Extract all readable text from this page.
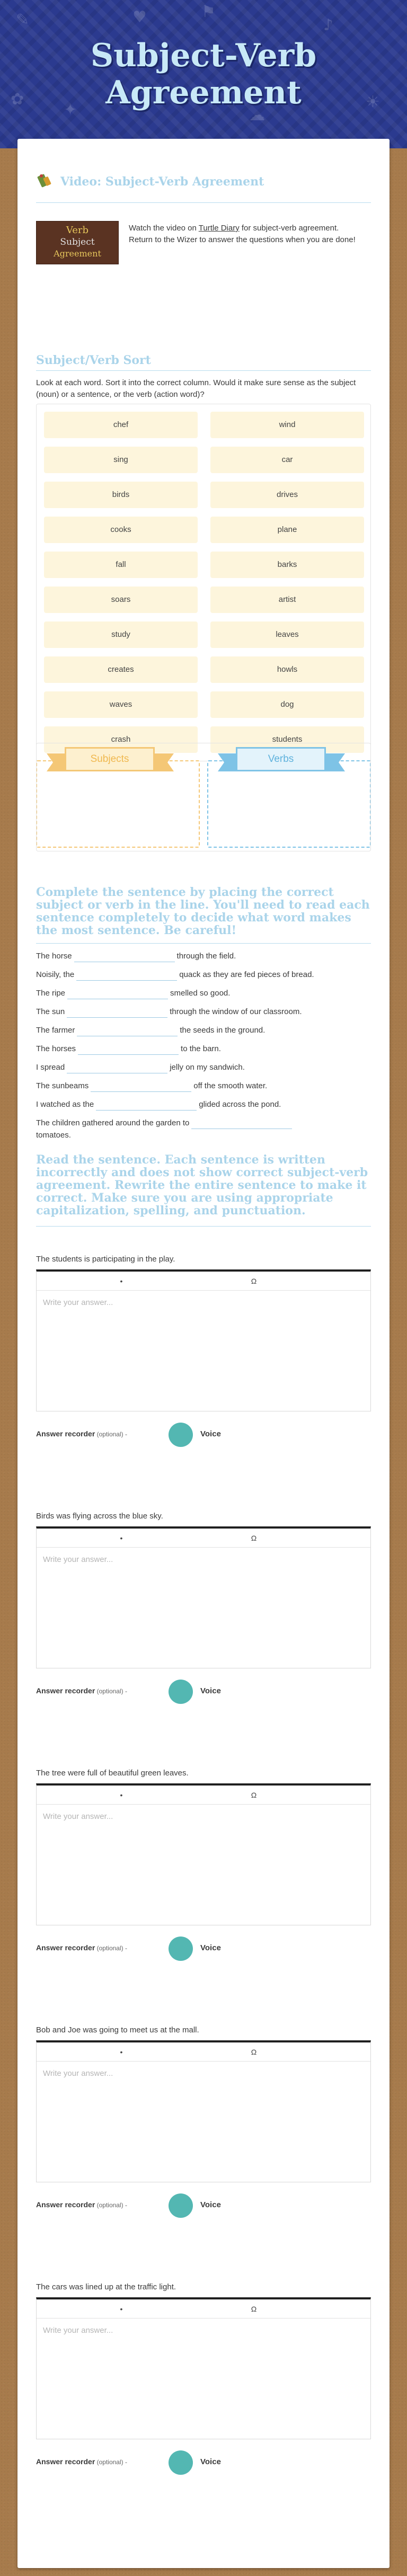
✎
✦
♥	♪
☀
☁
⚑
✿
Subject-Verb
Agreement
Video: Subject-Verb Agreement
Verb
Subject
Agreement
Watch the video on Turtle Diary for subject-verb agreement. Return to the Wizer to answer the questions when you are done!
Subject/Verb Sort
Look at each word. Sort it into the correct column. Would it make sure sense as the subject (noun) or a sentence, or the verb (action word)?
chef	wind
sing	car
birds	drives
cooks	plane
fall	barks
soars	artist
study	leaves
creates	howls
waves	dog
crash	students
Subjects	Verbs
Complete the sentence by placing the correct subject or verb in the line. You'll need to read each sentence completely to decide what word makes the most sentence. Be careful!
Read the sentence. Each sentence is written incorrectly and does not show correct subject-verb agreement. Rewrite the entire sentence to make it correct. Make sure you are using appropriate capitalization, spelling, and punctuation.
The horse	through the field.
Noisily, the	quack as they are fed pieces of bread.
The ripe	smelled so good.
The sun	through the window of our classroom.
The farmer	the seeds in the ground.
The horses	to the barn.
I spread	jelly on my sandwich.
The sunbeams	off the smooth water.
I watched as the	glided across the pond.
The children gathered around the garden to
tomatoes.
The students is participating in the play.
•	Ω
Write your answer...
Answer recorder (optional) -	Voice
Birds was flying across the blue sky.
•	Ω
Write your answer...
Answer recorder (optional) -	Voice
The tree were full of beautiful green leaves.
•	Ω
Write your answer...
Answer recorder (optional) -	Voice
Bob and Joe was going to meet us at the mall.
•	Ω
Write your answer...
Answer recorder (optional) -	Voice
The cars was lined up at the traffic light.
•	Ω
Write your answer...
Answer recorder (optional) -	Voice
